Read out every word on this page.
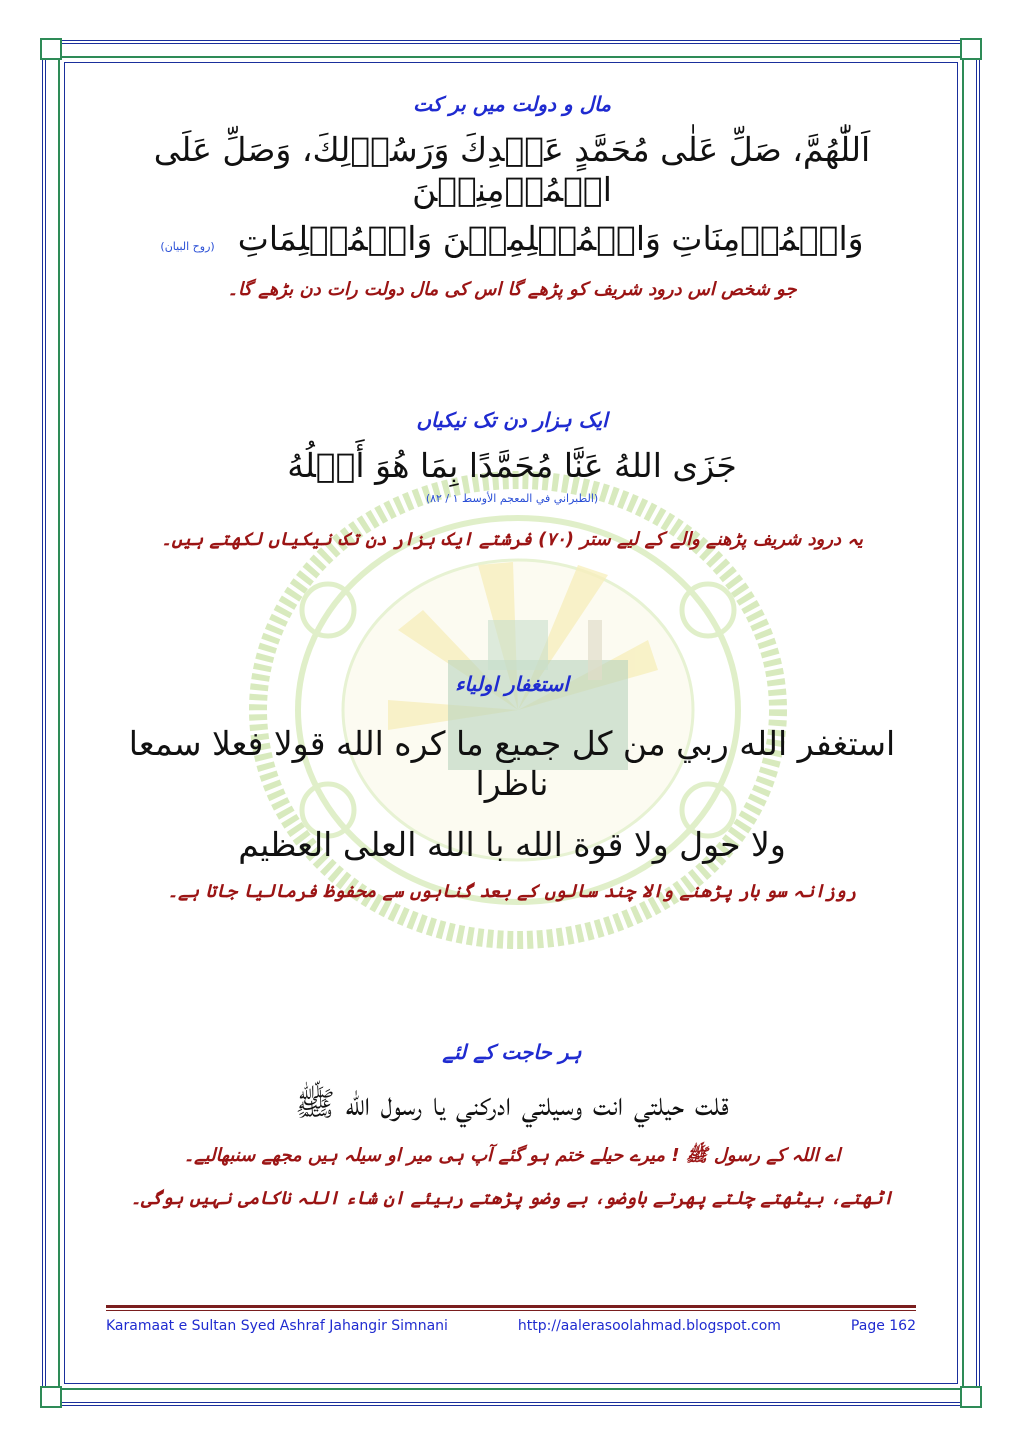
مال و دولت میں بر کت
اَللّٰهُمَّ، صَلِّ عَلٰى مُحَمَّدٍ عَبۡدِكَ وَرَسُوۡلِكَ، وَصَلِّ عَلَى الۡمُؤۡمِنِيۡنَ
وَالۡمُؤۡمِنَاتِ وَالۡمُسۡلِمِيۡنَ وَالۡمُسۡلِمَاتِ (روح البیان)
جو شخص اس درود شریف کو پڑھے گا اس کی مال دولت رات دن بڑھے گا۔
ایک ہزار دن تک نیکیاں
جَزَى اللهُ عَنَّا مُحَمَّدًا بِمَا هُوَ أَهۡلُهُ
(الطبراني في المعجم الأوسط ١ / ٨٢)
یہ درود شریف پڑھنے والے کے لیے ستر (۷۰) فرشتے ایک ہزار دن تک نیکیاں لکھتے ہیں۔
استغفار اولیاء
استغفر الله ربي من كل جميع ما كره الله قولا فعلا سمعا ناظرا
ولا حول ولا قوة الله با الله العلى العظيم
روزانہ سو بار پڑھنے والا چند سالوں کے بعد گناہوں سے محفوظ فرمالیا جاتا ہے۔
ہر حاجت کے لئے
قلت حيلتي انت وسيلتي ادركني يا رسول الله ﷺ
اے اللہ کے رسول ﷺ ! میرے حیلے ختم ہو گئے آپ ہی میر او سیلہ ہیں مجھے سنبھالیے۔
اٹھتے، بیٹھتے چلتے پھرتے باوضو، بے وضو پڑھتے رہیئے ان شاء اللہ ناکامی نہیں ہوگی۔
Karamaat e Sultan Syed Ashraf Jahangir Simnani	http://aalerasoolahmad.blogspot.com	Page 162
